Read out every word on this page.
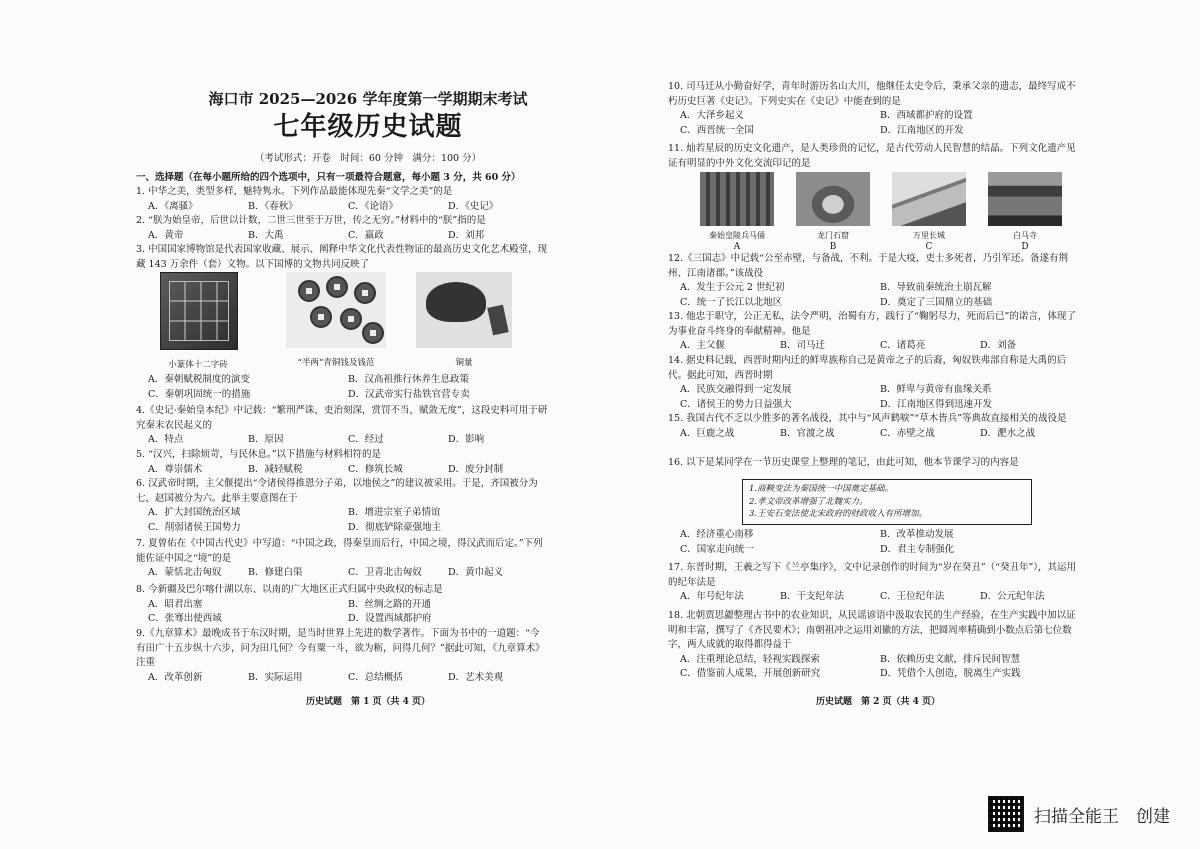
海口市 2025—2026 学年度第一学期期末考试
七年级历史试题
（考试形式：开卷　时间：60 分钟　满分：100 分）
一、选择题（在每小题所给的四个选项中，只有一项最符合题意，每小题 3 分，共 60 分）
1. 中华之美，类型多样，魅特隽永。下列作品最能体现先秦“文学之美”的是
A．《离骚》	B．《春秋》	C．《论语》	D．《史记》
2. “朕为始皇帝，后世以计数，二世三世至于万世，传之无穷。”材料中的“朕”指的是
A．黄帝	B．大禹	C．嬴政	D．刘邦
3. 中国国家博物馆是代表国家收藏、展示、阐释中华文化代表性物证的最高历史文化艺术殿堂，现藏 143 万余件（套）文物。以下国博的文物共同反映了
小篆体十二字砖	“半两”青铜钱及钱范	铜量
A．秦朝赋税制度的演变	B．汉高祖推行休养生息政策
C．秦朝巩固统一的措施	D．汉武帝实行盐铁官营专卖
4.《史记·秦始皇本纪》中记载：“繁刑严诛，吏治刻深，赏罚不当，赋敛无度”，这段史料可用于研究秦末农民起义的
A．特点	B．原因	C．经过	D．影响
5. “汉兴，扫除烦苛，与民休息。”以下措施与材料相符的是
A．尊崇儒术	B．减轻赋税	C．修筑长城	D．废分封制
6. 汉武帝时期，主父偃提出“令诸侯得推恩分子弟，以地侯之”的建议被采用。于是，齐国被分为七，赵国被分为六。此举主要意图在于
A．扩大封国统治区域	B．增进宗室子弟情谊
C．削弱诸侯王国势力	D．彻底铲除豪强地主
7. 夏曾佑在《中国古代史》中写道：“中国之政，得秦皇而后行，中国之境，得汉武而后定。”下列能佐证中国之“境”的是
A．蒙恬北击匈奴	B．修建白渠	C．卫青北击匈奴	D．黄巾起义
8. 今新疆及巴尔喀什湖以东、以南的广大地区正式归属中央政权的标志是
A．昭君出塞	B．丝绸之路的开通
C．张骞出使西域	D．设置西域都护府
9.《九章算术》最晚成书于东汉时期，是当时世界上先进的数学著作。下面为书中的一道题：“今有田广十五步纵十六步，问为田几何？今有粟一斗，欲为粝，问得几何？”据此可知，《九章算术》注重
A．改革创新	B．实际运用	C．总结概括	D．艺术美观
历史试题　第 1 页（共 4 页）
10. 司马迁从小勤奋好学，青年时游历名山大川，他继任太史令后，秉承父亲的遗志，最终写成不朽历史巨著《史记》。下列史实在《史记》中能查到的是
A．大泽乡起义	B．西域都护府的设置
C．西晋统一全国	D．江南地区的开发
11. 灿若星辰的历史文化遗产，是人类珍贵的记忆，是古代劳动人民智慧的结晶。下列文化遗产见证有明显的中外文化交流印记的是
秦始皇陵兵马俑
A
龙门石窟
B
万里长城
C
白马寺
D
12.《三国志》中记载“公至赤壁，与备战，不利。于是大疫，吏士多死者，乃引军还。备遂有荆州、江南诸郡。”该战役
A．发生于公元 2 世纪初	B．导致前秦统治土崩瓦解
C．统一了长江以北地区	D．奠定了三国鼎立的基础
13. 他忠于职守，公正无私，法令严明，治蜀有方，践行了“鞠躬尽力，死而后已”的诺言，体现了为事业奋斗终身的奉献精神。他是
A．主父偃	B．司马迁	C．诸葛亮	D．刘备
14. 据史料记载，西晋时期内迁的鲜卑族称自己是黄帝之子的后裔，匈奴铁弗部自称是大禹的后代。据此可知，西晋时期
A．民族交融得到一定发展	B．鲜卑与黄帝有血缘关系
C．诸侯王的势力日益强大	D．江南地区得到迅速开发
15. 我国古代不乏以少胜多的著名战役，其中与“风声鹤唳”“草木皆兵”等典故直接相关的战役是
A．巨鹿之战	B．官渡之战	C．赤壁之战	D．淝水之战
16. 以下是某同学在一节历史课堂上整理的笔记，由此可知，他本节课学习的内容是
1.商鞅变法为秦国统一中国奠定基础。
2.孝文帝改革增强了北魏实力。
3.王安石变法使北宋政府的财政收入有所增加。
A．经济重心南移	B．改革推动发展
C．国家走向统一	D．君主专制强化
17. 东晋时期，王羲之写下《兰亭集序》，文中记录创作的时间为“岁在癸丑”（“癸丑年”），其运用的纪年法是
A．年号纪年法	B．干支纪年法	C．王位纪年法	D．公元纪年法
18. 北朝贾思勰整理古书中的农业知识，从民谣谚语中汲取农民的生产经验，在生产实践中加以证明和丰富，撰写了《齐民要术》；南朝祖冲之运用刘徽的方法，把圆周率精确到小数点后第七位数字，两人成就的取得都得益于
A．注重理论总结，轻视实践探索	B．依赖历史文献，排斥民间智慧
C．借鉴前人成果，开展创新研究	D．凭借个人创造，脱离生产实践
历史试题　第 2 页（共 4 页）
扫描全能王　创建
